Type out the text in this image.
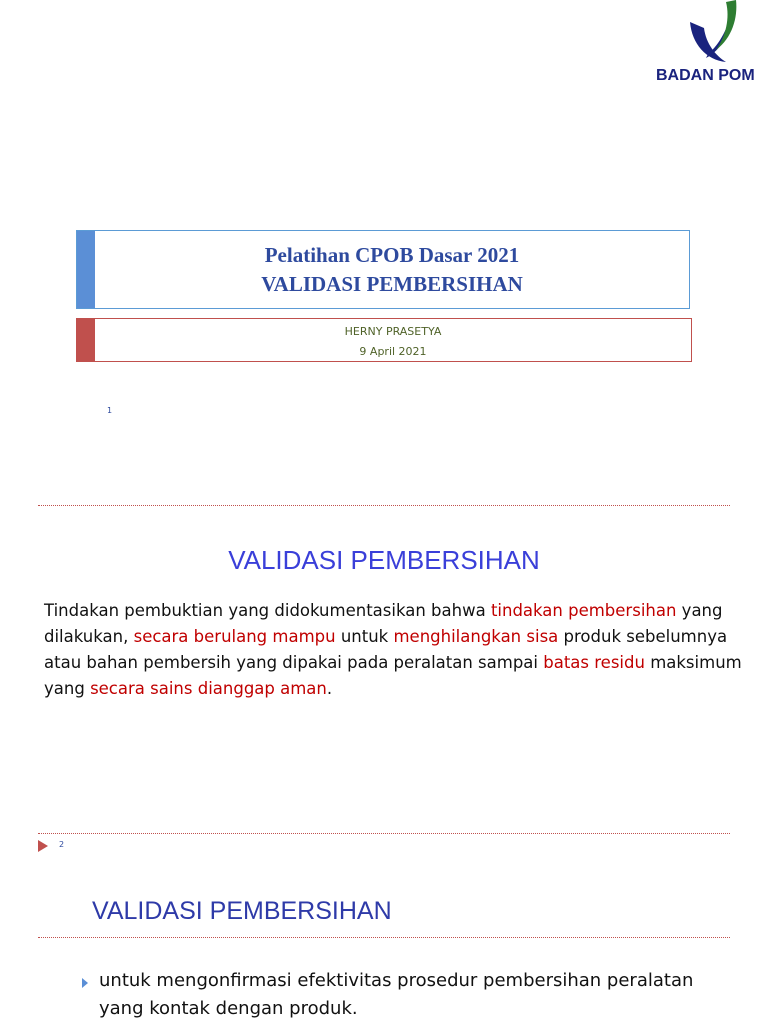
BADAN POM
Pelatihan CPOB Dasar 2021
VALIDASI PEMBERSIHAN
HERNY PRASETYA
9 April 2021
1
VALIDASI PEMBERSIHAN
Tindakan pembuktian yang didokumentasikan bahwa tindakan pembersihan yang dilakukan, secara berulang mampu untuk menghilangkan sisa produk sebelumnya atau bahan pembersih yang dipakai pada peralatan sampai batas residu maksimum yang secara sains dianggap aman.
2
VALIDASI PEMBERSIHAN
untuk mengonfirmasi efektivitas prosedur pembersihan peralatan yang kontak dengan produk.
